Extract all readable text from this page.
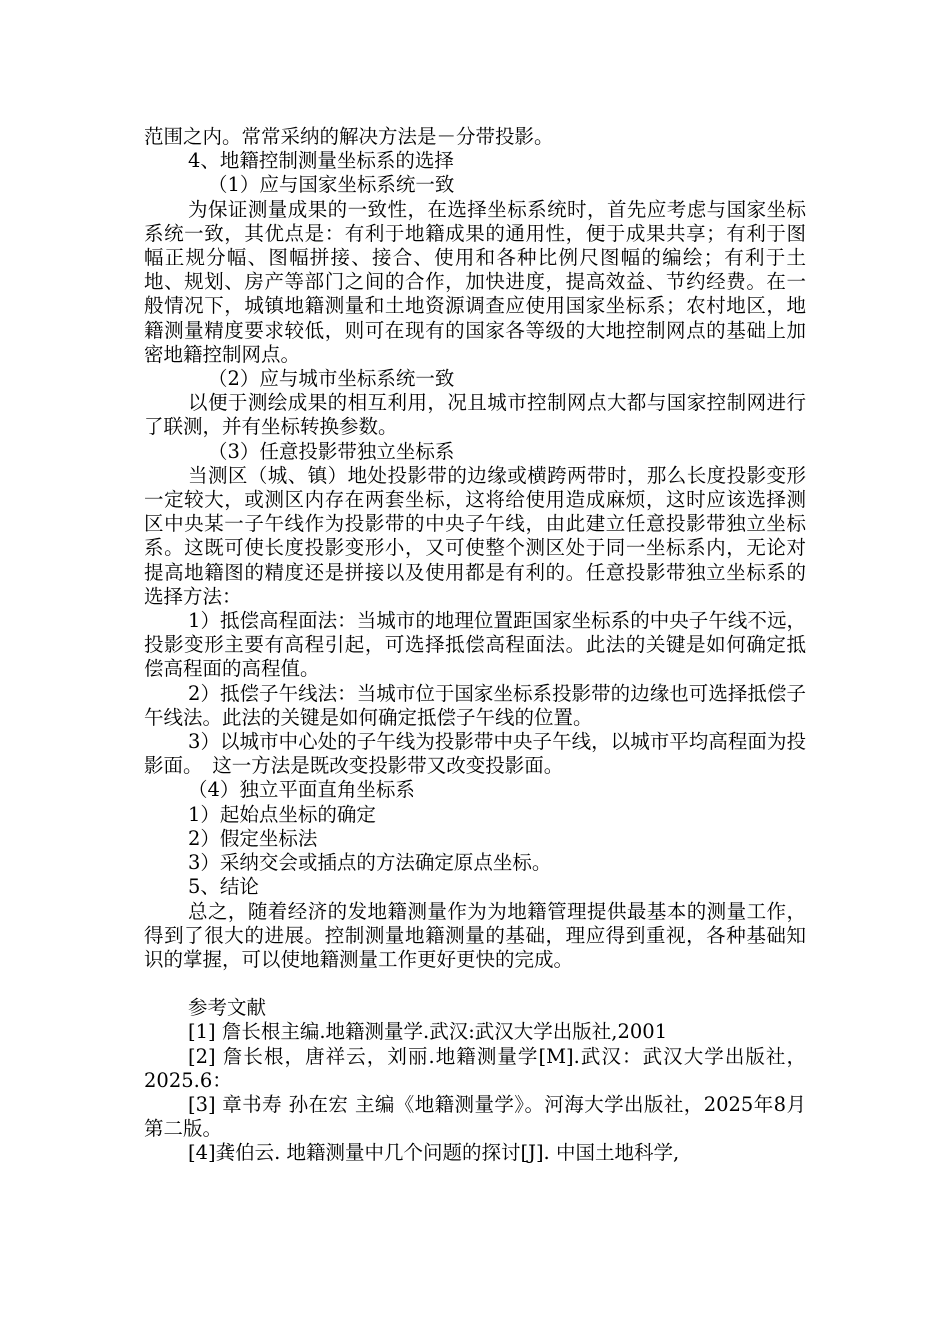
范围之内。常常采纳的解决方法是－分带投影。

4、地籍控制测量坐标系的选择

（1）应与国家坐标系统一致

为保证测量成果的一致性，在选择坐标系统时，首先应考虑与国家坐标系统一致，其优点是：有利于地籍成果的通用性，便于成果共享；有利于图幅正规分幅、图幅拼接、接合、使用和各种比例尺图幅的编绘；有利于土地、规划、房产等部门之间的合作，加快进度，提高效益、节约经费。在一般情况下，城镇地籍测量和土地资源调查应使用国家坐标系；农村地区，地籍测量精度要求较低，则可在现有的国家各等级的大地控制网点的基础上加密地籍控制网点。

（2）应与城市坐标系统一致

以便于测绘成果的相互利用，况且城市控制网点大都与国家控制网进行了联测，并有坐标转换参数。

（3）任意投影带独立坐标系

当测区（城、镇）地处投影带的边缘或横跨两带时，那么长度投影变形一定较大，或测区内存在两套坐标，这将给使用造成麻烦，这时应该选择测区中央某一子午线作为投影带的中央子午线，由此建立任意投影带独立坐标系。这既可使长度投影变形小，又可使整个测区处于同一坐标系内，无论对提高地籍图的精度还是拼接以及使用都是有利的。任意投影带独立坐标系的选择方法：

1）抵偿高程面法：当城市的地理位置距国家坐标系的中央子午线不远，投影变形主要有高程引起，可选择抵偿高程面法。此法的关键是如何确定抵偿高程面的高程值。

2）抵偿子午线法：当城市位于国家坐标系投影带的边缘也可选择抵偿子午线法。此法的关键是如何确定抵偿子午线的位置。

3）以城市中心处的子午线为投影带中央子午线，以城市平均高程面为投影面。　这一方法是既改变投影带又改变投影面。

（4）独立平面直角坐标系

1）起始点坐标的确定

2）假定坐标法

3）采纳交会或插点的方法确定原点坐标。

5、结论

总之，随着经济的发地籍测量作为为地籍管理提供最基本的测量工作，得到了很大的进展。控制测量地籍测量的基础，理应得到重视，各种基础知识的掌握，可以使地籍测量工作更好更快的完成。

参考文献

[1] 詹长根主编.地籍测量学.武汉:武汉大学出版社,2001

[2] 詹长根，唐祥云，刘丽.地籍测量学[M].武汉：武汉大学出版社，2025.6：

[3] 章书寿 孙在宏 主编《地籍测量学》。河海大学出版社，2025年8月第二版。

[4]龚伯云. 地籍测量中几个问题的探讨[J]. 中国土地科学,
